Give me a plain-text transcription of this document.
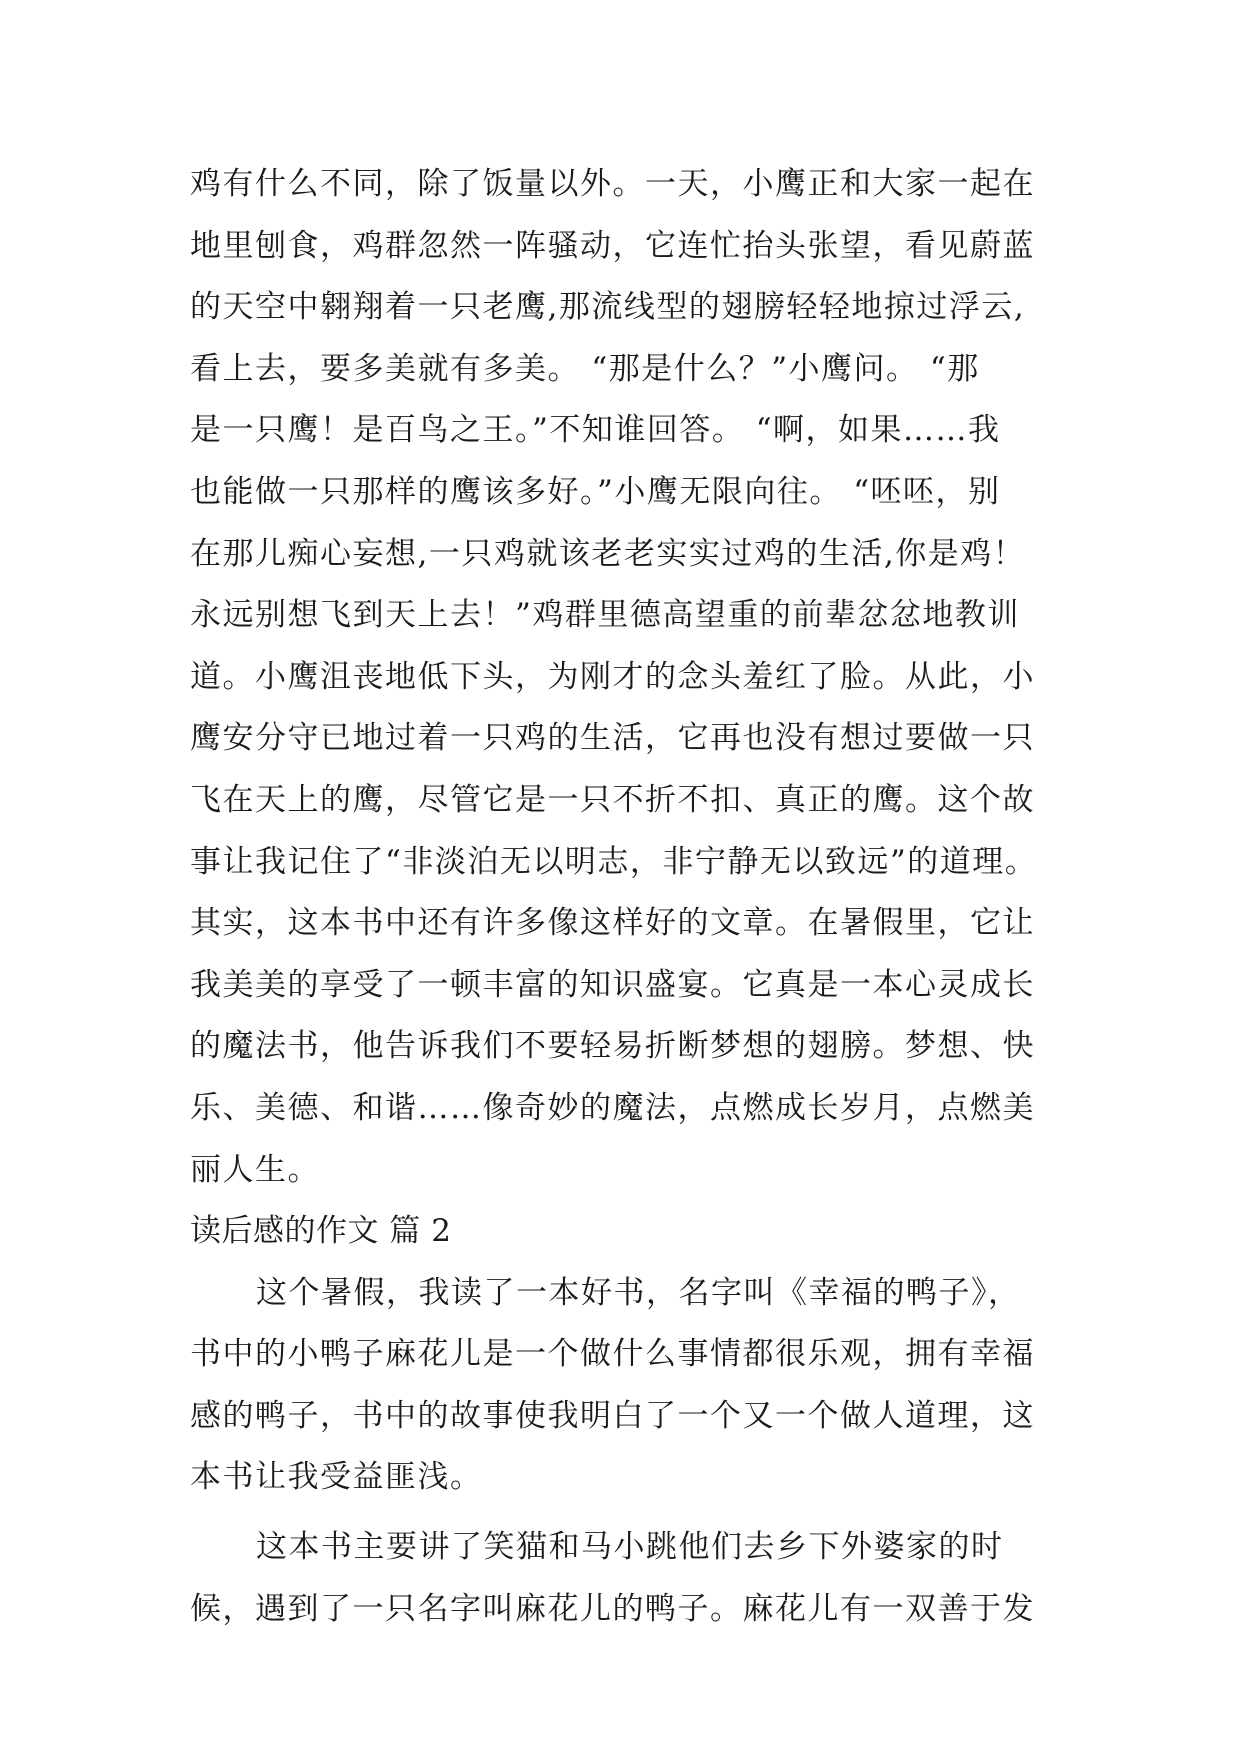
鸡有什么不同，除了饭量以外。一天，小鹰正和大家一起在
地里刨食，鸡群忽然一阵骚动，它连忙抬头张望，看见蔚蓝
的天空中翱翔着一只老鹰,那流线型的翅膀轻轻地掠过浮云,
看上去，要多美就有多美。 “那是什么？”小鹰问。 “那
是一只鹰！是百鸟之王。”不知谁回答。 “啊，如果……我
也能做一只那样的鹰该多好。”小鹰无限向往。 “呸呸，别
在那儿痴心妄想,一只鸡就该老老实实过鸡的生活,你是鸡！
永远别想飞到天上去！”鸡群里德高望重的前辈忿忿地教训
道。小鹰沮丧地低下头，为刚才的念头羞红了脸。从此，小
鹰安分守已地过着一只鸡的生活，它再也没有想过要做一只
飞在天上的鹰，尽管它是一只不折不扣、真正的鹰。这个故
事让我记住了“非淡泊无以明志，非宁静无以致远”的道理。
其实，这本书中还有许多像这样好的文章。在暑假里，它让
我美美的享受了一顿丰富的知识盛宴。它真是一本心灵成长
的魔法书，他告诉我们不要轻易折断梦想的翅膀。梦想、快
乐、美德、和谐……像奇妙的魔法，点燃成长岁月，点燃美
丽人生。
读后感的作文 篇 2
这个暑假，我读了一本好书，名字叫《幸福的鸭子》，
书中的小鸭子麻花儿是一个做什么事情都很乐观，拥有幸福
感的鸭子，书中的故事使我明白了一个又一个做人道理，这
本书让我受益匪浅。
这本书主要讲了笑猫和马小跳他们去乡下外婆家的时
候，遇到了一只名字叫麻花儿的鸭子。麻花儿有一双善于发
